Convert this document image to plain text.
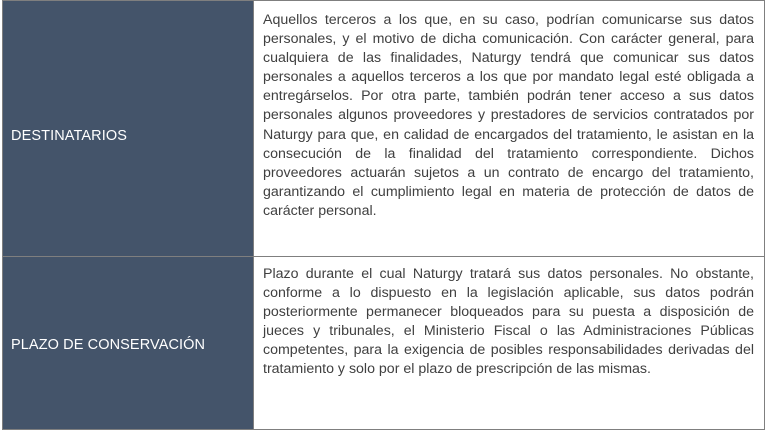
DESTINATARIOS
Aquellos terceros a los que, en su caso, podrían comunicarse sus datos personales, y el motivo de dicha comunicación. Con carácter general, para cualquiera de las finalidades, Naturgy tendrá que comunicar sus datos personales a aquellos terceros a los que por mandato legal esté obligada a entregárselos. Por otra parte, también podrán tener acceso a sus datos personales algunos proveedores y prestadores de servicios contratados por Naturgy para que, en calidad de encargados del tratamiento, le asistan en la consecución de la finalidad del tratamiento correspondiente. Dichos proveedores actuarán sujetos a un contrato de encargo del tratamiento, garantizando el cumplimiento legal en materia de protección de datos de carácter personal.
PLAZO DE CONSERVACIÓN
Plazo durante el cual Naturgy tratará sus datos personales. No obstante, conforme a lo dispuesto en la legislación aplicable, sus datos podrán posteriormente permanecer bloqueados para su puesta a disposición de jueces y tribunales, el Ministerio Fiscal o las Administraciones Públicas competentes, para la exigencia de posibles responsabilidades derivadas del tratamiento y solo por el plazo de prescripción de las mismas.
